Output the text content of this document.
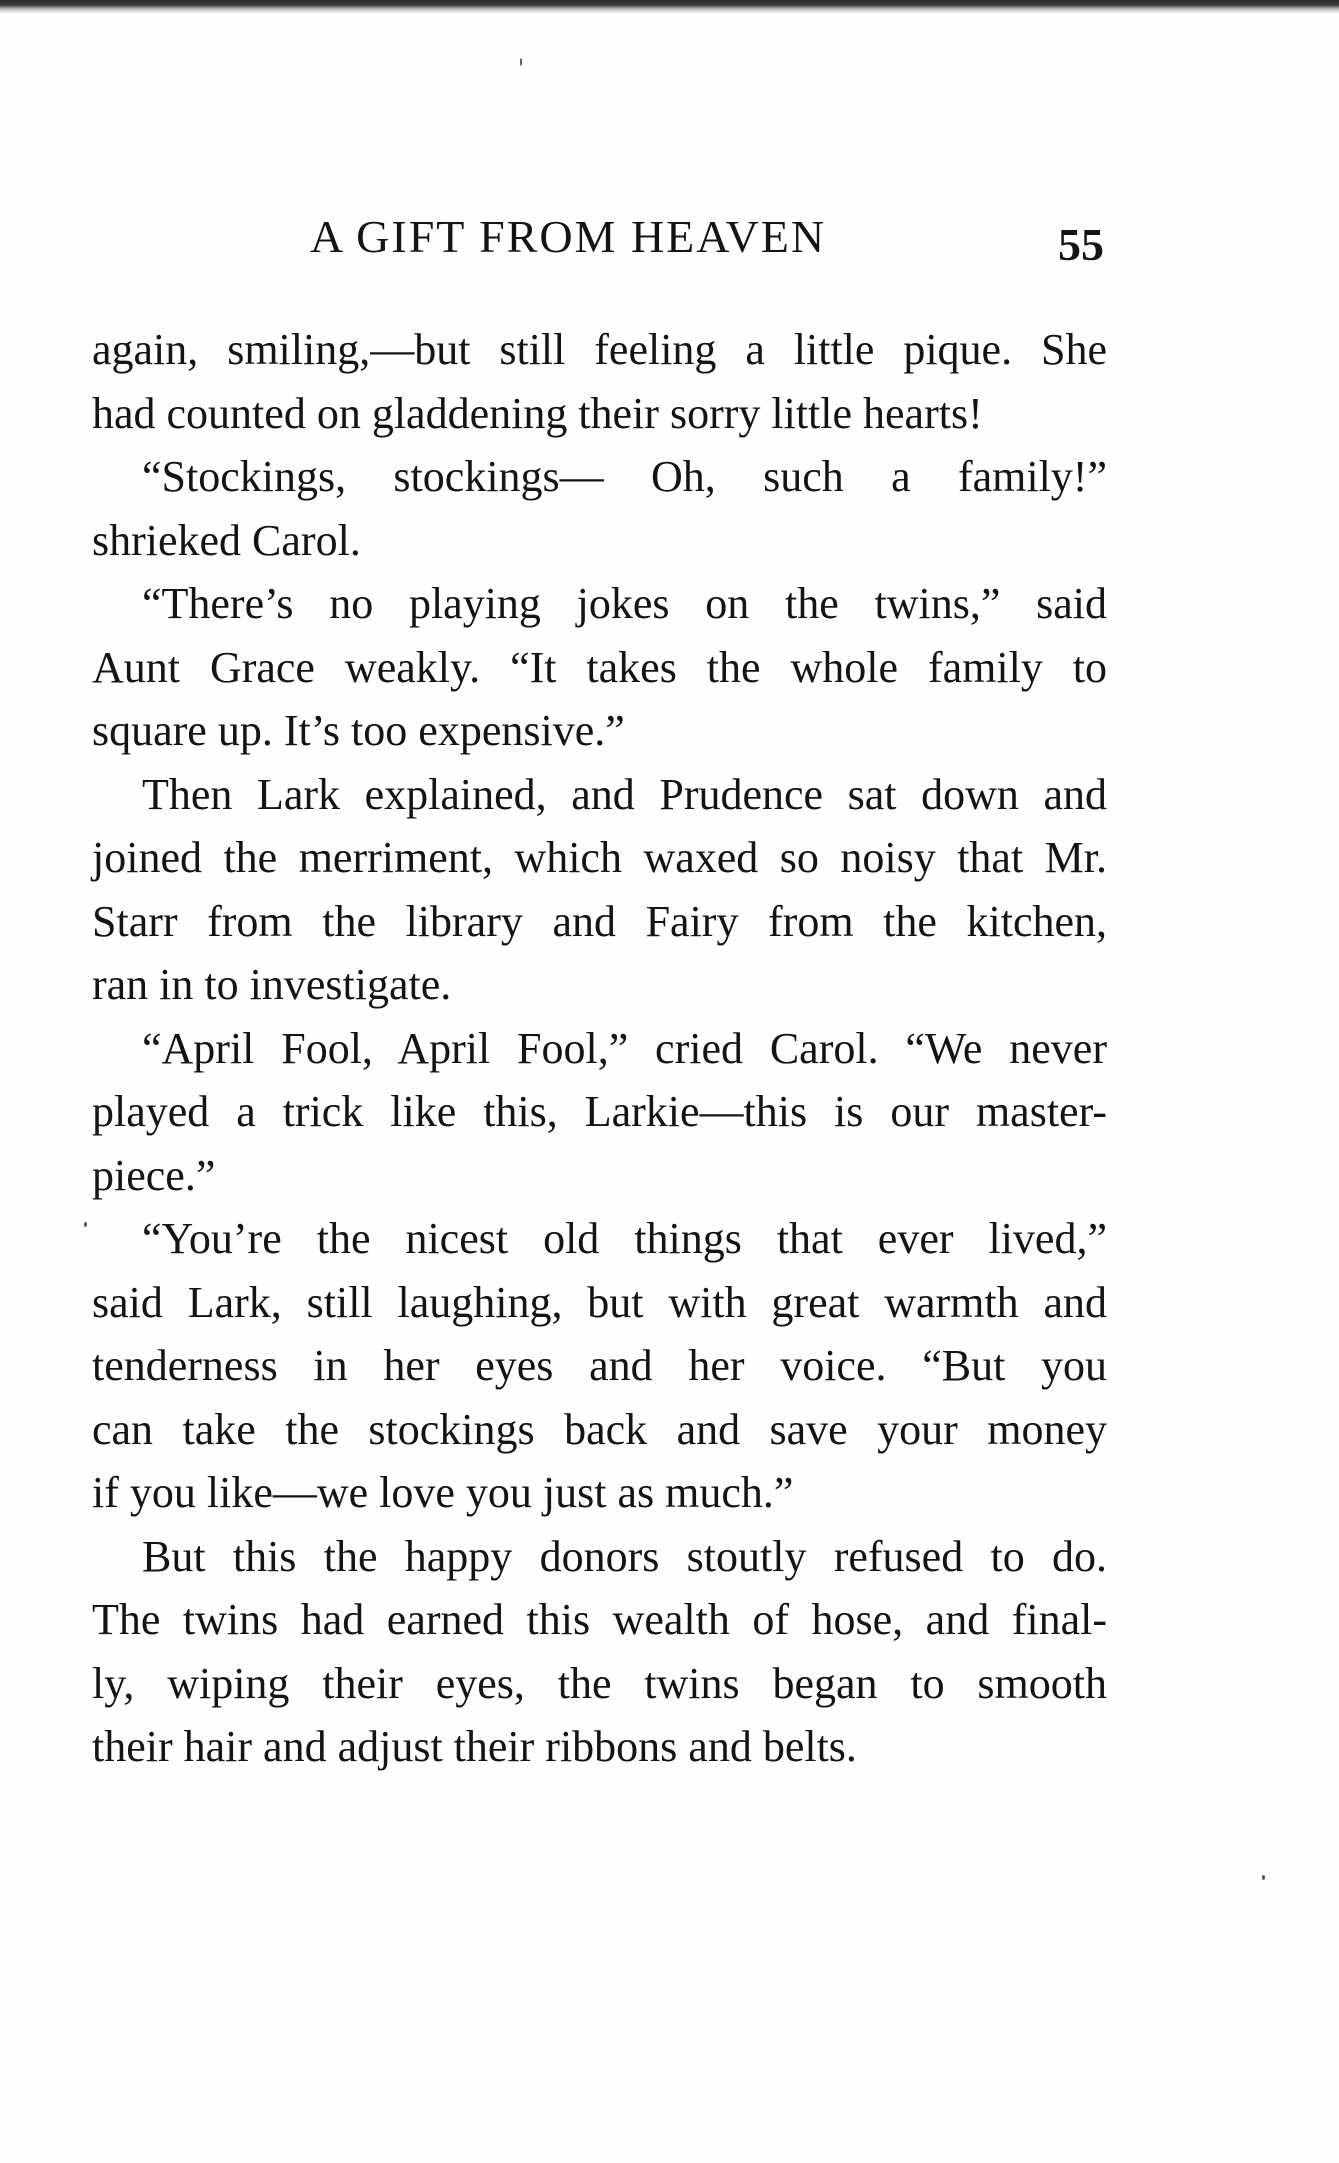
A GIFT FROM HEAVEN	55
again, smiling,—but still feeling a little pique. She
had counted on gladdening their sorry little hearts!
“Stockings, stockings— Oh, such a family!”
shrieked Carol.
“There’s no playing jokes on the twins,” said
Aunt Grace weakly. “It takes the whole family to
square up. It’s too expensive.”
Then Lark explained, and Prudence sat down and
joined the merriment, which waxed so noisy that Mr.
Starr from the library and Fairy from the kitchen,
ran in to investigate.
“April Fool, April Fool,” cried Carol. “We never
played a trick like this, Larkie—this is our master-
piece.”
“You’re the nicest old things that ever lived,”
said Lark, still laughing, but with great warmth and
tenderness in her eyes and her voice. “But you
can take the stockings back and save your money
if you like—we love you just as much.”
But this the happy donors stoutly refused to do.
The twins had earned this wealth of hose, and final-
ly, wiping their eyes, the twins began to smooth
their hair and adjust their ribbons and belts.
